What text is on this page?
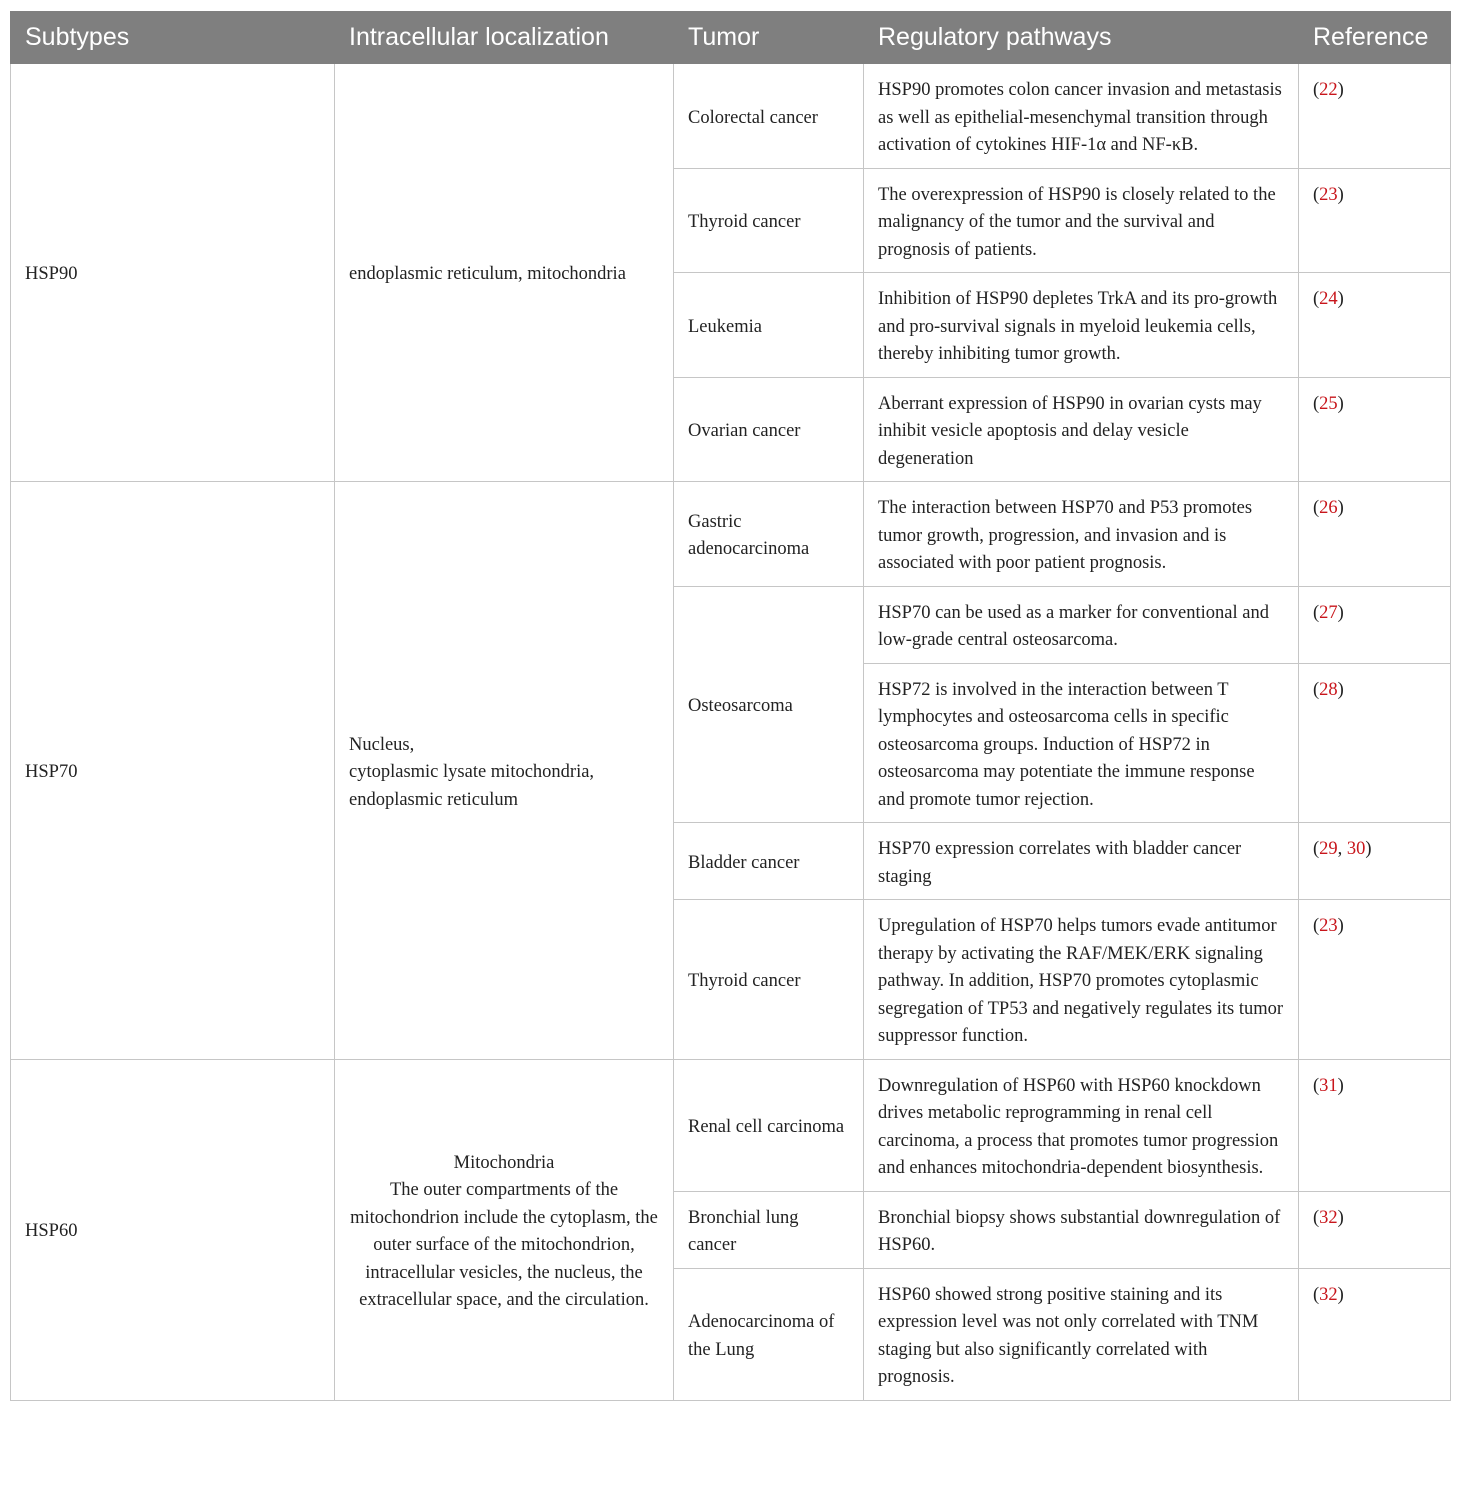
Subtypes	Intracellular localization	Tumor	Regulatory pathways	Reference
HSP90	endoplasmic reticulum, mitochondria	Colorectal cancer	HSP90 promotes colon cancer invasion and metastasis as well as epithelial-mesenchymal transition through activation of cytokines HIF-1α and NF-κB.	(22)
		Thyroid cancer	The overexpression of HSP90 is closely related to the malignancy of the tumor and the survival and prognosis of patients.	(23)
		Leukemia	Inhibition of HSP90 depletes TrkA and its pro-growth and pro-survival signals in myeloid leukemia cells, thereby inhibiting tumor growth.	(24)
		Ovarian cancer	Aberrant expression of HSP90 in ovarian cysts may inhibit vesicle apoptosis and delay vesicle degeneration	(25)
HSP70	Nucleus,
cytoplasmic lysate mitochondria,
endoplasmic reticulum	Gastric adenocarcinoma	The interaction between HSP70 and P53 promotes tumor growth, progression, and invasion and is associated with poor patient prognosis.	(26)
		Osteosarcoma	HSP70 can be used as a marker for conventional and low-grade central osteosarcoma.	(27)
			HSP72 is involved in the interaction between T lymphocytes and osteosarcoma cells in specific osteosarcoma groups. Induction of HSP72 in osteosarcoma may potentiate the immune response and promote tumor rejection.	(28)
		Bladder cancer	HSP70 expression correlates with bladder cancer staging	(29, 30)
		Thyroid cancer	Upregulation of HSP70 helps tumors evade antitumor therapy by activating the RAF/MEK/ERK signaling pathway. In addition, HSP70 promotes cytoplasmic segregation of TP53 and negatively regulates its tumor suppressor function.	(23)
HSP60	Mitochondria
The outer compartments of the mitochondrion include the cytoplasm, the outer surface of the mitochondrion, intracellular vesicles, the nucleus, the extracellular space, and the circulation.	Renal cell carcinoma	Downregulation of HSP60 with HSP60 knockdown drives metabolic reprogramming in renal cell carcinoma, a process that promotes tumor progression and enhances mitochondria-dependent biosynthesis.	(31)
		Bronchial lung cancer	Bronchial biopsy shows substantial downregulation of HSP60.	(32)
		Adenocarcinoma of the Lung	HSP60 showed strong positive staining and its expression level was not only correlated with TNM staging but also significantly correlated with prognosis.	(32)
